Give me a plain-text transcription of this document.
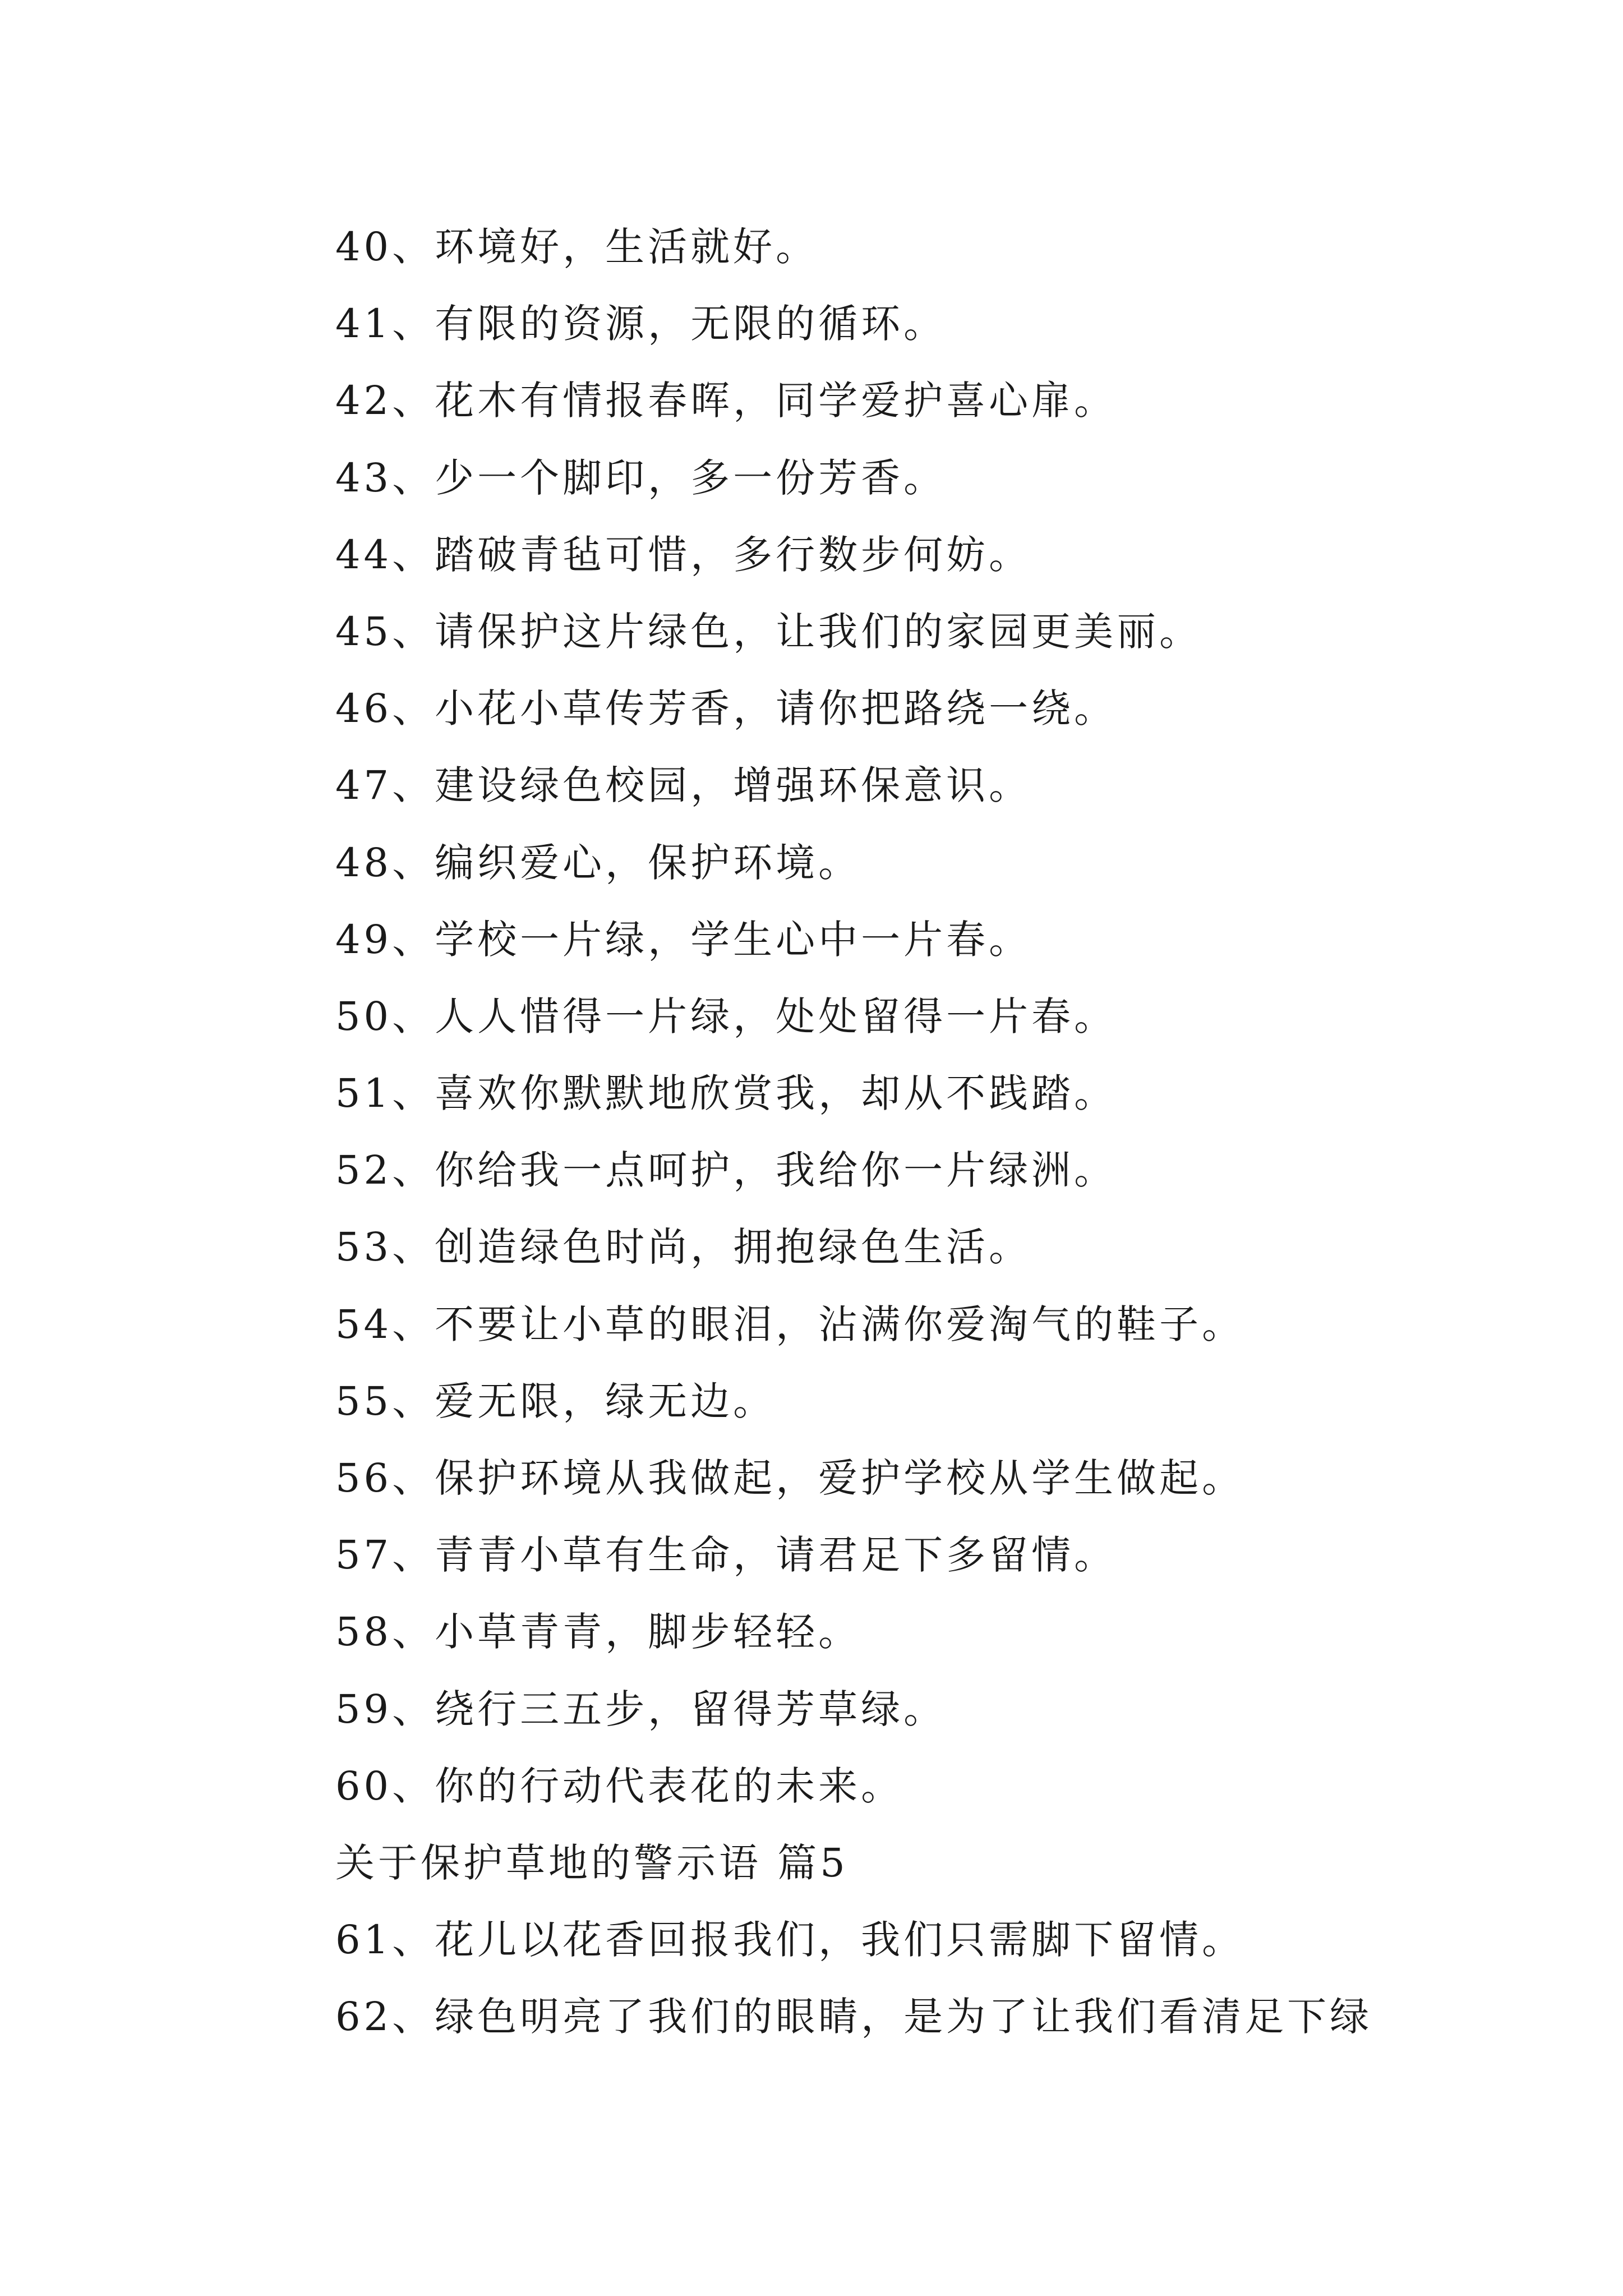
40、环境好，生活就好。
41、有限的资源，无限的循环。
42、花木有情报春晖，同学爱护喜心扉。
43、少一个脚印，多一份芳香。
44、踏破青毡可惜，多行数步何妨。
45、请保护这片绿色，让我们的家园更美丽。
46、小花小草传芳香，请你把路绕一绕。
47、建设绿色校园，增强环保意识。
48、编织爱心，保护环境。
49、学校一片绿，学生心中一片春。
50、人人惜得一片绿，处处留得一片春。
51、喜欢你默默地欣赏我，却从不践踏。
52、你给我一点呵护，我给你一片绿洲。
53、创造绿色时尚，拥抱绿色生活。
54、不要让小草的眼泪，沾满你爱淘气的鞋子。
55、爱无限，绿无边。
56、保护环境从我做起，爱护学校从学生做起。
57、青青小草有生命，请君足下多留情。
58、小草青青，脚步轻轻。
59、绕行三五步，留得芳草绿。
60、你的行动代表花的未来。
关于保护草地的警示语 篇5
61、花儿以花香回报我们，我们只需脚下留情。
62、绿色明亮了我们的眼睛，是为了让我们看清足下绿
